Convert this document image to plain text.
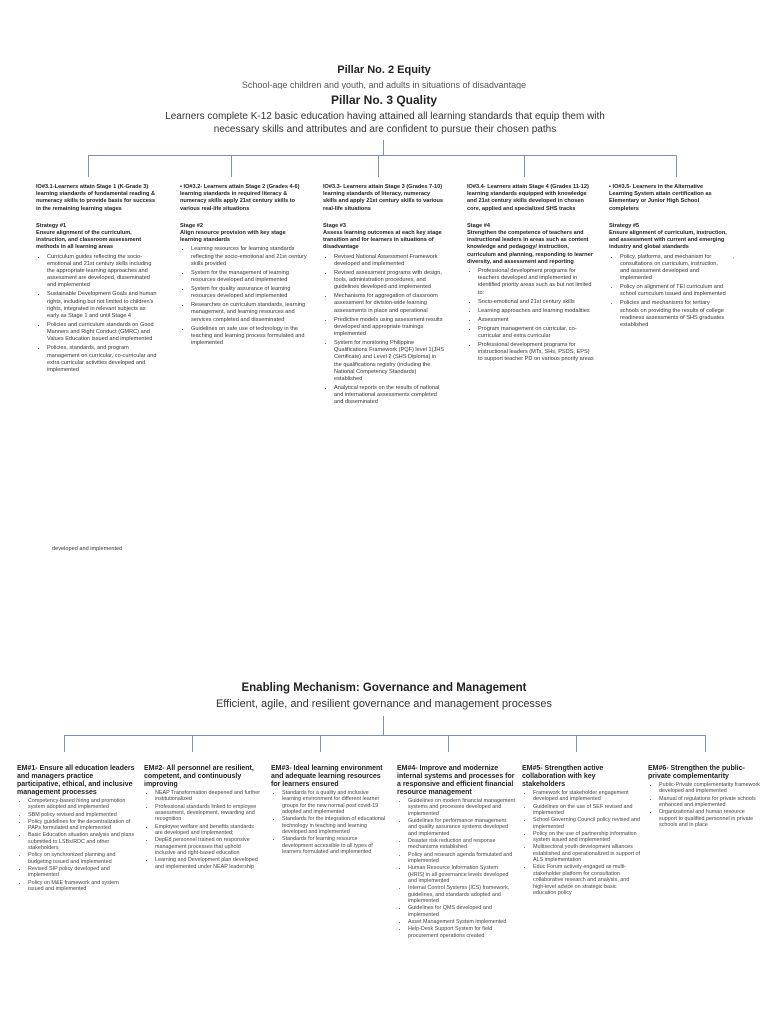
Pillar No. 2 Equity
School-age children and youth, and adults in situations of disadvantage
Pillar No. 3 Quality
Learners complete K-12 basic education having attained all learning standards that equip them with necessary skills and attributes and are confident to pursue their chosen paths
IO#3.1-Learners attain Stage 1 (K-Grade 3) learning standards of fundamental reading & numeracy skills to provide basis for success in the remaining learning stages
Strategy #1
Ensure alignment of the curriculum, instruction, and classroom assessment methods in all learning areas
• Curriculum guides reflecting the socio-emotional and 21st century skills including the appropriate learning approaches and assessment are developed, disseminated and implemented
• Sustainable Development Goals and human rights, including but not limited to children's rights, integrated in relevant subjects as early as Stage 1 and until Stage 4
• Policies and curriculum standards on Good Manners and Right Conduct (GMRC) and Values Education issued and implemented
• Policies, standards, and program management on curricular, co-curricular and extra curricular activities developed and implemented
• IO#3.2- Learners attain Stage 2 (Grades 4-6) learning standards in required literacy & numeracy skills apply 21st century skills to various real-life situations
Stage #2
Align resource provision with key stage learning standards
• Learning resources for learning standards reflecting the socio-emotional and 21st century skills provided
• System for the management of learning resources developed and implemented
• System for quality assurance of learning resources developed and implemented
• Researches on curriculum standards, learning management, and learning resources and services completed and disseminated
• Guidelines on safe use of technology in the teaching and learning process formulated and implemented
IO#3.3- Learners attain Stage 3 (Grades 7-10) learning standards of literacy, numeracy skills and apply 21st century skills to various real-life situations
Stage #3
Assess learning outcomes at each key stage transition and for learners in situations of disadvantage
• Revised National Assessment Framework developed and implemented
• Revised assessment programs with design, tools, administration procedures, and guidelines developed and implemented
• Mechanisms for aggregation of classroom assessment for division-wide learning assessments in place and operational
• Predictive models using assessment results developed and appropriate trainings implemented
• System for monitoring Philippine Qualifications Framework (PQF) level 1(JHS Certificate) and Level 2 (SHS Diploma) in the qualifications registry (including the National Competency Standards) established
• Analytical reports on the results of national and international assessments completed and disseminated
IO#3.4- Learners attain Stage 4 (Grades 11-12) learning standards equipped with knowledge and 21st century skills developed in chosen core, applied and specialized SHS tracks
Stage #4
Strengthen the competence of teachers and instructional leaders in areas such as content knowledge and pedagogy/ instruction, curriculum and planning, responding to learner diversity, and assessment and reporting
• Professional development programs for teachers developed and implemented in identified priority areas such as but not limited to:
• Socio-emotional and 21st century skills
• Learning approaches and learning modalities
• Assessment
• Program management on curricular, co-curricular and extra curricular
• Professional development programs for instructional leaders (MTs, SHs, PSDS, EPS) to support teacher PD on various priority areas
• IO#3.5- Learners in the Alternative Learning System attain certification as Elementary or Junior High School completers
Strategy #5
Ensure alignment of curriculum, instruction, and assessment with current and emerging industry and global standards
• Policy, platforms, and mechanism for consultations on curriculum, instruction, and assessment developed and implemented
• Policy on alignment of TEI curriculum and school curriculum issued and implemented
• Policies and mechanisms for tertiary schools on providing the results of college readiness assessments of SHS graduates established
'
developed and implemented
Enabling Mechanism: Governance and Management
Efficient, agile, and resilient governance and management processes
EM#1- Ensure all education leaders and managers practice participative, ethical, and inclusive management processes
• Competency-based hiring and promotion system adopted and implemented
• SBM policy revised and implemented
• Policy guidelines for the decentralization of PAPs formulated and implemented
• Basic Education situation analysis and plans submitted to LSBs/RDC and other stakeholders
• Policy on synchronized planning and budgeting issued and implemented
• Revised SIP policy developed and implemented
• Policy on M&E framework and system issued and implemented
EM#2- All personnel are resilient, competent, and continuously improving
• NEAP Transformation deepened and further institutionalized
• Professional standards linked to employee assessment, development, rewarding and recognition
• Employee welfare and benefits standards are developed and implemented;
• DepEd personnel trained on responsive management processes that uphold inclusive and right-based education
• Learning and Development plan developed and implemented under NEAP leadership
EM#3- Ideal learning environment and adequate learning resources for learners ensured
• Standards for a quality and inclusive learning environment for different learner groups for the new normal post covid-19 adopted and implemented
• Standards for the integration of educational technology in teaching and learning developed and implemented
• Standards for learning resource development accessible to all types of learners formulated and implemented
EM#4- Improve and modernize internal systems and processes for a responsive and efficient financial resource management
• Guidelines on modern financial management systems and processes developed and implemented
• Guidelines for performance management and quality assurance systems developed and implemented
• Disaster risk reduction and response mechanisms established
• Policy and research agenda formulated and implemented
• Human Resource Information System (HRIS) in all governance levels developed and implemented
• Internal Control Systems (ICS) framework, guidelines, and standards adopted and implemented
• Guidelines for QMS developed and implemented
• Asset Management System implemented
• Help-Desk Support System for field procurement operations created
EM#5- Strengthen active collaboration with key stakeholders
• Framework for stakeholder engagement developed and implemented
• Guidelines on the use of SEF revised and implemented
• School Governing Council policy revised and implemented
• Policy on the use of partnership information system issued and implemented
• Multisectoral youth development alliances established and operationalized in support of ALS implementation
• Educ Forum actively engaged as multi-stakeholder platform for consultation collaborative research and analysis, and high-level advice on strategic basic education policy
EM#6- Strengthen the public-private complementarity
• Public-Private complementarity framework developed and implemented
• Manual of regulations for private schools enhanced and implemented
• Organizational and human resource support to qualified personnel in private schools and in place
